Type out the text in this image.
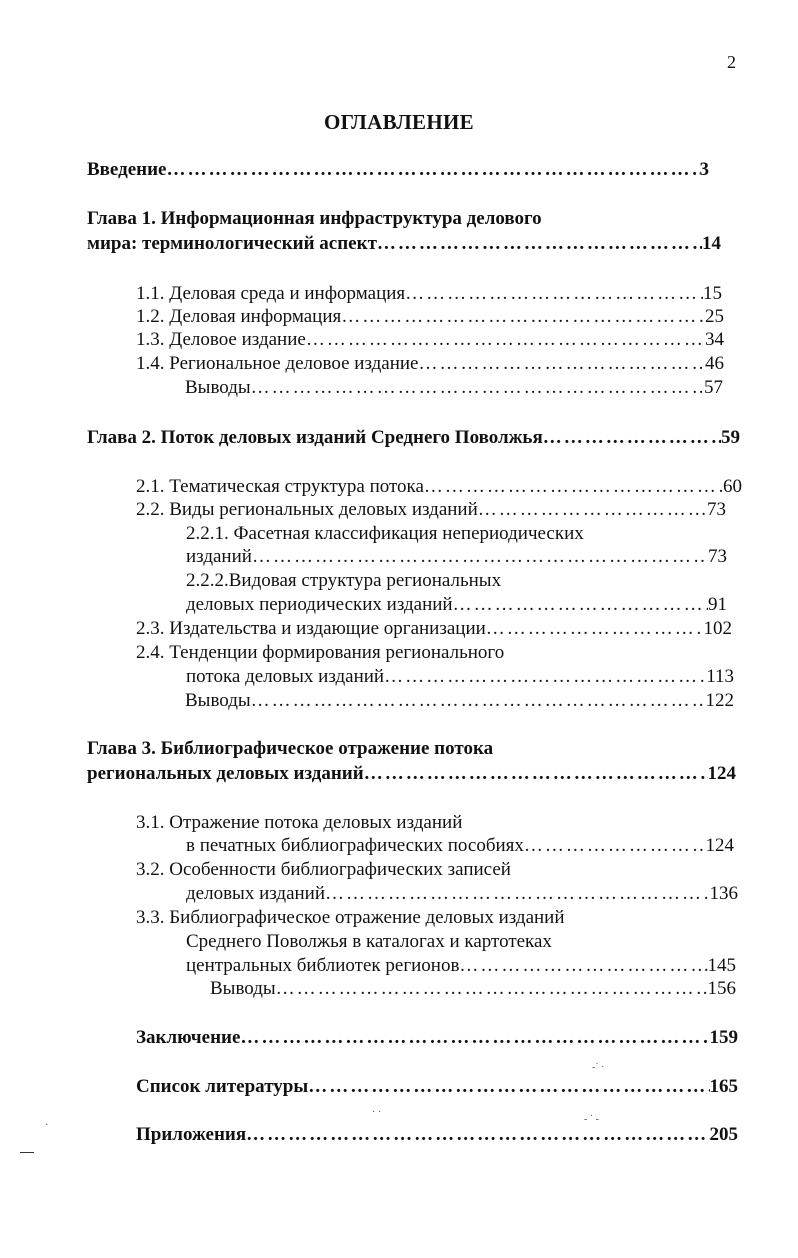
2
ОГЛАВЛЕНИЕ
Введение …………………………………………………………………………………………………………………………………………………	3
Глава 1. Информационная инфраструктура делового
мира: терминологический аспект …………………………………………………………………………………………………………………………………………………	14
1.1. Деловая среда и информация …………………………………………………………………………………………………………………………………………………	15
1.2. Деловая информация …………………………………………………………………………………………………………………………………………………	25
1.3. Деловое издание …………………………………………………………………………………………………………………………………………………	34
1.4. Региональное деловое издание …………………………………………………………………………………………………………………………………………………	46
Выводы …………………………………………………………………………………………………………………………………………………	57
Глава 2. Поток деловых изданий Среднего Поволжья …………………………………………………………………………………………………………………………………………………	59
2.1. Тематическая структура потока …………………………………………………………………………………………………………………………………………………	60
2.2. Виды региональных деловых изданий …………………………………………………………………………………………………………………………………………………	73
2.2.1. Фасетная классификация непериодических
изданий …………………………………………………………………………………………………………………………………………………	73
2.2.2.Видовая структура региональных
деловых периодических изданий …………………………………………………………………………………………………………………………………………………	91
2.3. Издательства и издающие организации …………………………………………………………………………………………………………………………………………………	102
2.4. Тенденции формирования регионального
потока деловых изданий …………………………………………………………………………………………………………………………………………………	113
Выводы …………………………………………………………………………………………………………………………………………………	122
Глава 3. Библиографическое отражение потока
региональных деловых изданий …………………………………………………………………………………………………………………………………………………	124
3.1. Отражение потока деловых изданий
в печатных библиографических пособиях …………………………………………………………………………………………………………………………………………………	124
3.2. Особенности библиографических записей
деловых изданий …………………………………………………………………………………………………………………………………………………	136
3.3. Библиографическое отражение деловых изданий
Среднего Поволжья в каталогах и картотеках
центральных библиотек регионов …………………………………………………………………………………………………………………………………………………	145
Выводы …………………………………………………………………………………………………………………………………………………	156
Заключение …………………………………………………………………………………………………………………………………………………	159
Список литературы …………………………………………………………………………………………………………………………………………………	165
Приложения …………………………………………………………………………………………………………………………………………………	205
-˙ ·
· ·
- ˙ -
·
